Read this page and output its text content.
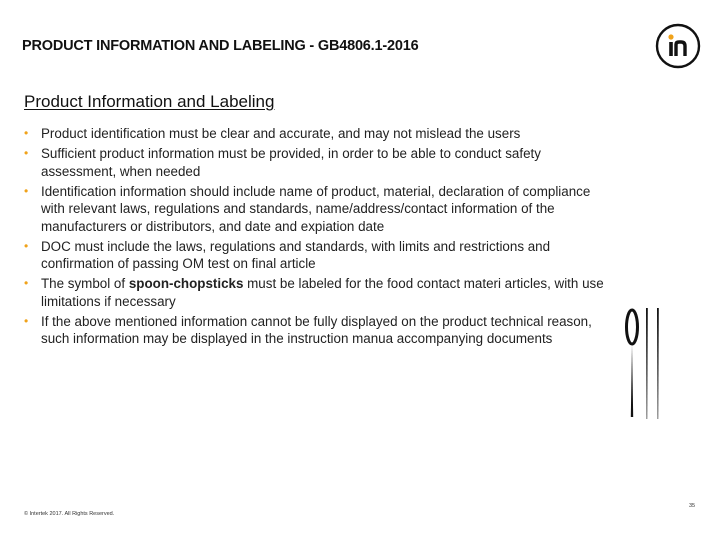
PRODUCT INFORMATION AND LABELING - GB4806.1-2016
Product Information and Labeling
• Product identification must be clear and accurate, and may not mislead the users
• Sufficient product information must be provided, in order to be able to conduct safety assessment, when needed
• Identification information should include name of product, material, declaration of compliance with relevant laws, regulations and standards, name/address/contact information of the manufacturers or distributors, and date and expiation date
• DOC must include the laws, regulations and standards, with limits and restrictions and confirmation of passing OM test on final article
• The symbol of spoon-chopsticks must be labeled for the food contact materi articles, with use limitations if necessary
• If the above mentioned information cannot be fully displayed on the product technical reason, such information may be displayed in the instruction manua accompanying documents
© Intertek 2017. All Rights Reserved.
35
